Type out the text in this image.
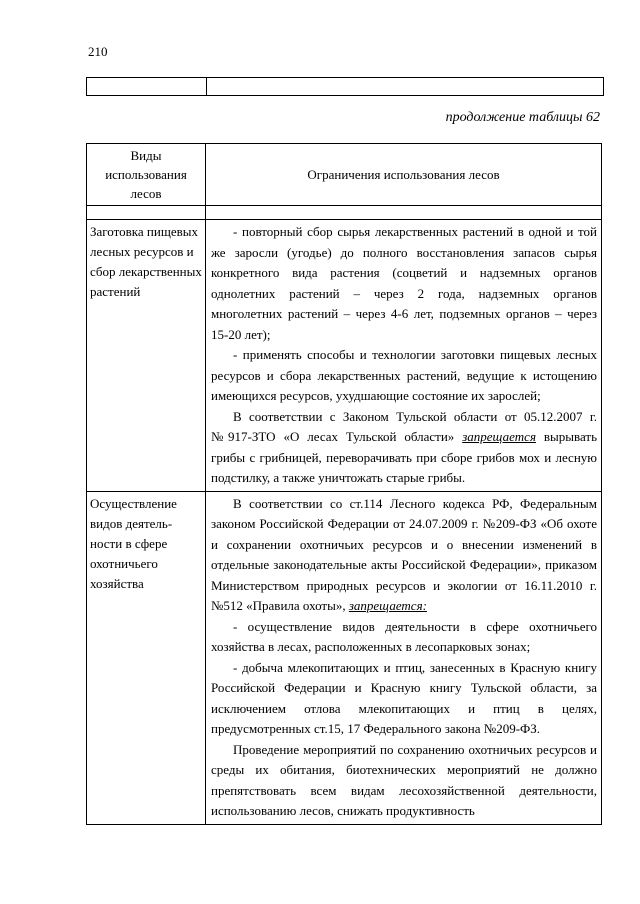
210

продолжение таблицы 62
Виды использования лесов	Ограничения использования лесов

Заготовка пищевых лесных ресурсов и сбор лекарственных растений	- повторный сбор сырья лекарственных растений в одной и той же заросли (угодье) до полного восстановления запасов сырья конкретного вида растения (соцветий и надземных органов однолетних растений – через 2 года, надземных органов многолетних растений – через 4-6 лет, подземных органов – через 15-20 лет);

- применять способы и технологии заготовки пищевых лесных ресурсов и сбора лекарственных растений, ведущие к истощению имеющихся ресурсов, ухудшающие состояние их зарослей;

В соответствии с Законом Тульской области от 05.12.2007 г. №917-ЗТО «О лесах Тульской области» запрещается вырывать грибы с грибницей, переворачивать при сборе грибов мох и лесную подстилку, а также уничтожать старые грибы.

Осуществление видов деятель-ности в сфере охотничьего хозяйства	В соответствии со ст.114 Лесного кодекса РФ, Федеральным законом Российской Федерации от 24.07.2009 г. №209-ФЗ «Об охоте и сохранении охотничьих ресурсов и о внесении изменений в отдельные законодательные акты Российской Федерации», приказом Министерством природных ресурсов и экологии от 16.11.2010 г. №512 «Правила охоты», запрещается:

- осуществление видов деятельности в сфере охотничьего хозяйства в лесах, расположенных в лесопарковых зонах;

- добыча млекопитающих и птиц, занесенных в Красную книгу Российской Федерации и Красную книгу Тульской области, за исключением отлова млекопитающих и птиц в целях, предусмотренных ст.15, 17 Федерального закона №209-ФЗ.

Проведение мероприятий по сохранению охотничьих ресурсов и среды их обитания, биотехнических мероприятий не должно препятствовать всем видам лесохозяйственной деятельности, использованию лесов, снижать продуктивность
